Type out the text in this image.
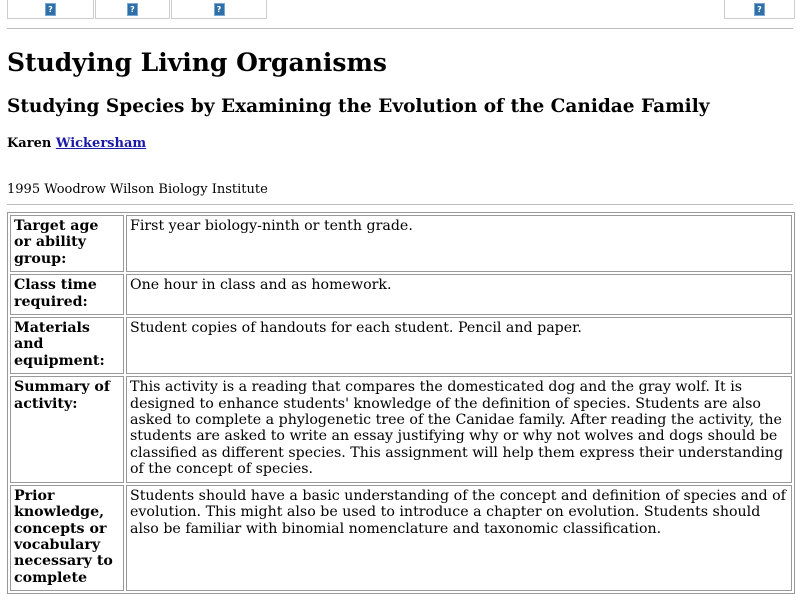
?	?	?	?
Studying Living Organisms
Studying Species by Examining the Evolution of the Canidae Family
Karen Wickersham
1995 Woodrow Wilson Biology Institute
Target age or ability group:	First year biology-ninth or tenth grade.
Class time required:	One hour in class and as homework.
Materials and equipment:	Student copies of handouts for each student. Pencil and paper.
Summary of activity:	This activity is a reading that compares the domesticated dog and the gray wolf. It is designed to enhance students' knowledge of the definition of species. Students are also asked to complete a phylogenetic tree of the Canidae family. After reading the activity, the students are asked to write an essay justifying why or why not wolves and dogs should be classified as different species. This assignment will help them express their understanding of the concept of species.
Prior knowledge, concepts or vocabulary necessary to complete	Students should have a basic understanding of the concept and definition of species and of evolution. This might also be used to introduce a chapter on evolution. Students should also be familiar with binomial nomenclature and taxonomic classification.
